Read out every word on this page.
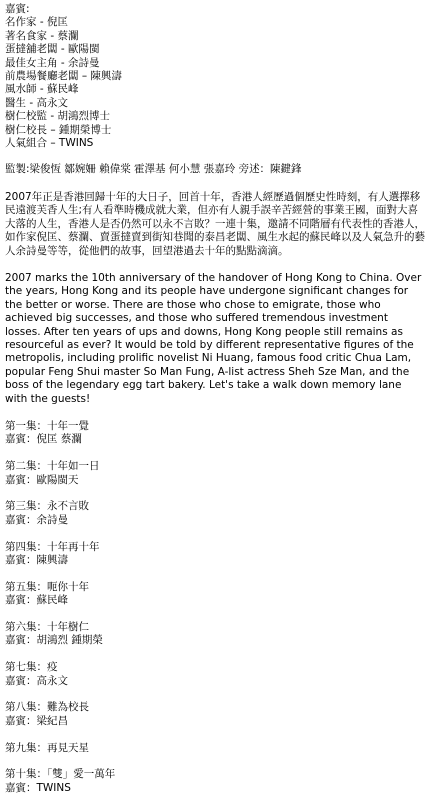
嘉賓:
名作家 - 倪匡
著名食家 - 蔡瀾
蛋撻舖老闆 - 歐陽閩
最佳女主角 - 余詩曼
前農場餐廳老闆 – 陳興濤
風水師 - 蘇民峰
醫生 - 高永文
樹仁校監 - 胡鴻烈博士
樹仁校長 – 鍾期榮博士
人氣組合 – TWINS
監製:梁俊恆 鄒婉姍 賴偉棠 霍澤基 何小慧 張嘉玲 旁述：陳鍵鋒

2007年正是香港回歸十年的大日子，回首十年，香港人經歷過個歷史性時刻，有人選擇移民遠渡芙香人生;有人看準時機成就大業，但亦有人親手誤辛苦經營的事業王國，面對大喜大落的人生，香港人是否仍然可以永不言敗？一連十集，邀請不同階層有代表性的香港人，如作家倪匡、蔡瀾、賣蛋撻賣到街知巷聞的泰昌老闆、風生水起的蘇民峰以及人氣急升的藝人余詩曼等等，從他們的故事，回望港過去十年的點點滴滴。

2007 marks the 10th anniversary of the handover of Hong Kong to China. Over the years, Hong Kong and its people have undergone significant changes for the better or worse. There are those who chose to emigrate, those who achieved big successes, and those who suffered tremendous investment losses. After ten years of ups and downs, Hong Kong people still remains as resourceful as ever? It would be told by different representative figures of the metropolis, including prolific novelist Ni Huang, famous food critic Chua Lam, popular Feng Shui master So Man Fung, A-list actress Sheh Sze Man, and the boss of the legendary egg tart bakery. Let's take a walk down memory lane with the guests!

第一集：十年一覺
嘉賓：倪匡 蔡瀾
第二集：十年如一日
嘉賓：歐陽閩天
第三集：永不言敗
嘉賓：余詩曼
第四集：十年再十年
嘉賓：陳興濤
第五集：呃你十年
嘉賓：蘇民峰
第六集：十年樹仁
嘉賓：胡鴻烈 鍾期榮
第七集：疫
嘉賓：高永文
第八集：難為校長
嘉賓：梁紀昌
第九集：再見天星
第十集：「雙」愛一萬年
嘉賓：TWINS
